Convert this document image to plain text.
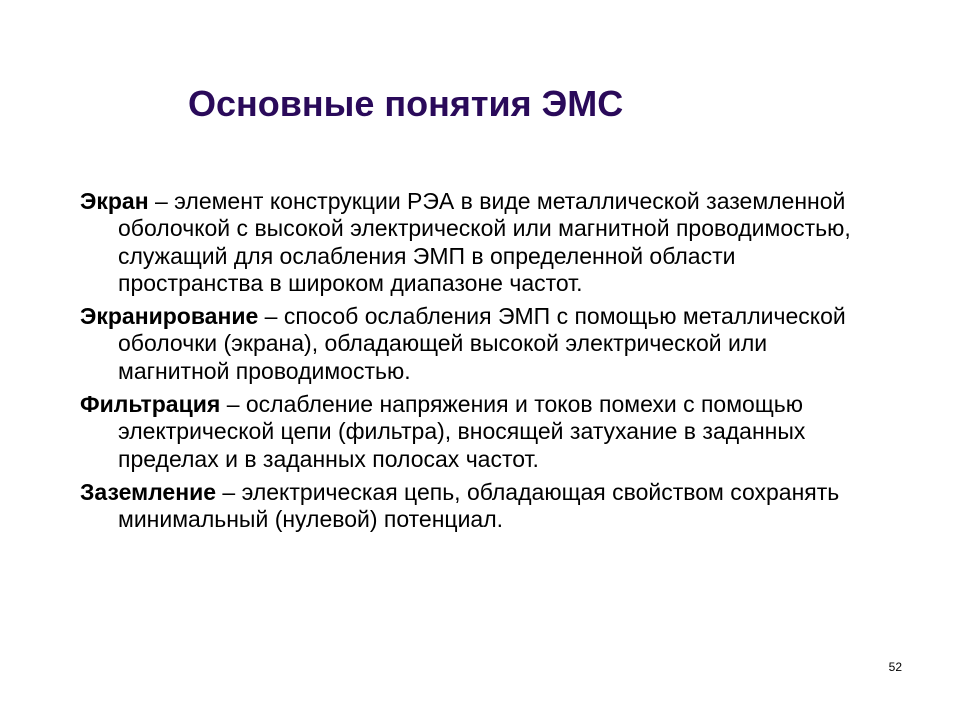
Основные понятия ЭМС
Экран – элемент конструкции РЭА в виде металлической заземленной оболочкой с высокой электрической или магнитной проводимостью, служащий для ослабления ЭМП в определенной области пространства в широком диапазоне частот.
Экранирование – способ ослабления ЭМП с помощью металлической оболочки (экрана), обладающей высокой электрической или магнитной проводимостью.
Фильтрация – ослабление напряжения и токов помехи с помощью электрической цепи (фильтра), вносящей затухание в заданных пределах и в заданных полосах частот.
Заземление – электрическая цепь, обладающая свойством сохранять минимальный (нулевой) потенциал.
52
